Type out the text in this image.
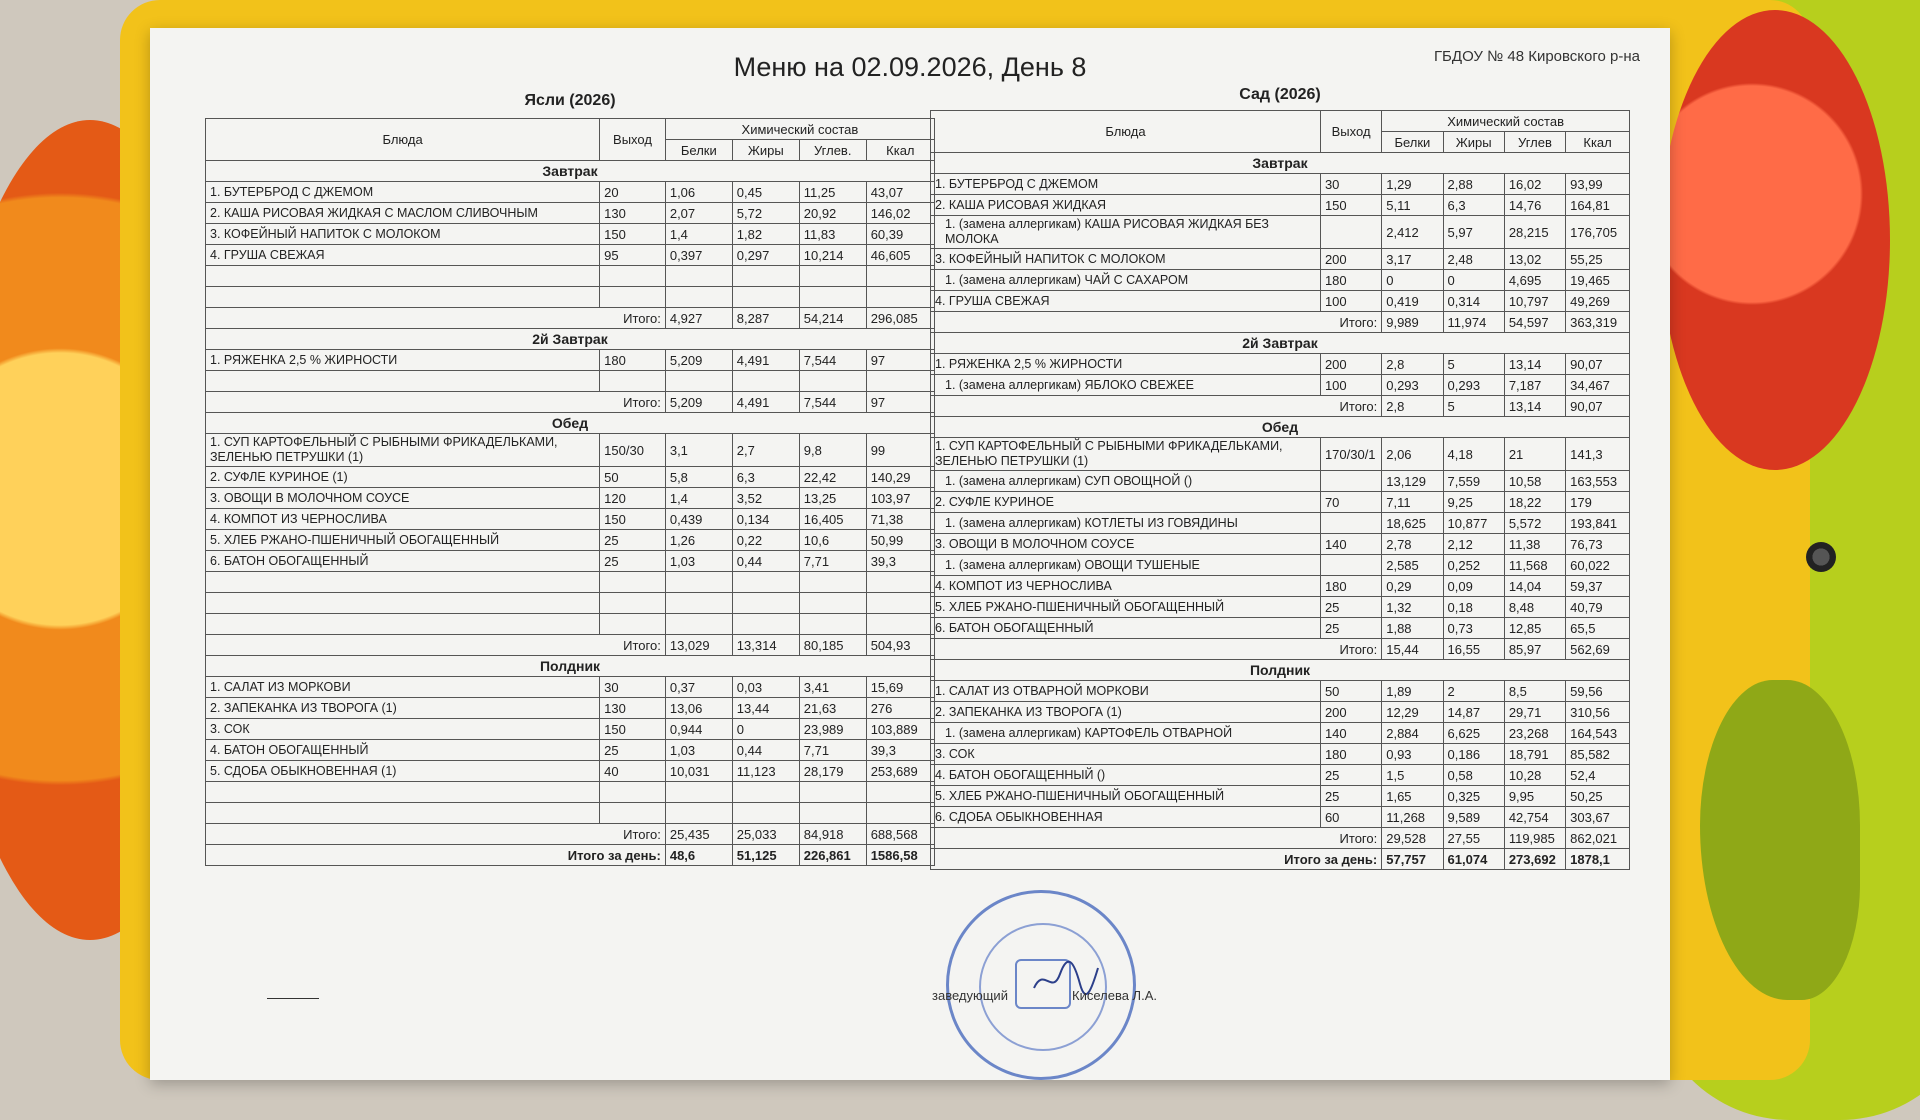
Меню на 02.09.2026, День 8	ГБДОУ № 48 Кировского р-на
Ясли (2026)	Сад (2026)
Блюда	Выход	Химический состав			
		Белки	Жиры	Углев.	Ккал
Завтрак					
1. БУТЕРБРОД С ДЖЕМОМ	20	1,06	0,45	11,25	43,07
2. КАША РИСОВАЯ ЖИДКАЯ С МАСЛОМ СЛИВОЧНЫМ	130	2,07	5,72	20,92	146,02
3. КОФЕЙНЫЙ НАПИТОК С МОЛОКОМ	150	1,4	1,82	11,83	60,39
4. ГРУША СВЕЖАЯ	95	0,397	0,297	10,214	46,605

Итого:		4,927	8,287	54,214	296,085
2й Завтрак					
1. РЯЖЕНКА 2,5 % ЖИРНОСТИ	180	5,209	4,491	7,544	97

Итого:		5,209	4,491	7,544	97
Обед					
1. СУП КАРТОФЕЛЬНЫЙ С РЫБНЫМИ ФРИКАДЕЛЬКАМИ, ЗЕЛЕНЬЮ ПЕТРУШКИ (1)	150/30	3,1	2,7	9,8	99
2. СУФЛЕ КУРИНОЕ (1)	50	5,8	6,3	22,42	140,29
3. ОВОЩИ В МОЛОЧНОМ СОУСЕ	120	1,4	3,52	13,25	103,97
4. КОМПОТ ИЗ ЧЕРНОСЛИВА	150	0,439	0,134	16,405	71,38
5. ХЛЕБ РЖАНО-ПШЕНИЧНЫЙ ОБОГАЩЕННЫЙ	25	1,26	0,22	10,6	50,99
6. БАТОН ОБОГАЩЕННЫЙ	25	1,03	0,44	7,71	39,3

Итого:		13,029	13,314	80,185	504,93
Полдник					
1. САЛАТ ИЗ МОРКОВИ	30	0,37	0,03	3,41	15,69
2. ЗАПЕКАНКА ИЗ ТВОРОГА (1)	130	13,06	13,44	21,63	276
3. СОК	150	0,944	0	23,989	103,889
4. БАТОН ОБОГАЩЕННЫЙ	25	1,03	0,44	7,71	39,3
5. СДОБА ОБЫКНОВЕННАЯ (1)	40	10,031	11,123	28,179	253,689

Итого:		25,435	25,033	84,918	688,568
Итого за день:		48,6	51,125	226,861	1586,58
Блюда	Выход	Химический состав			
		Белки	Жиры	Углев	Ккал
Завтрак					
1. БУТЕРБРОД С ДЖЕМОМ	30	1,29	2,88	16,02	93,99
2. КАША РИСОВАЯ ЖИДКАЯ	150	5,11	6,3	14,76	164,81
1. (замена аллергикам) КАША РИСОВАЯ ЖИДКАЯ БЕЗ МОЛОКА		2,412	5,97	28,215	176,705
3. КОФЕЙНЫЙ НАПИТОК С МОЛОКОМ	200	3,17	2,48	13,02	55,25
1. (замена аллергикам) ЧАЙ С САХАРОМ	180	0	0	4,695	19,465
4. ГРУША СВЕЖАЯ	100	0,419	0,314	10,797	49,269
Итого:		9,989	11,974	54,597	363,319
2й Завтрак					
1. РЯЖЕНКА 2,5 % ЖИРНОСТИ	200	2,8	5	13,14	90,07
1. (замена аллергикам) ЯБЛОКО СВЕЖЕЕ	100	0,293	0,293	7,187	34,467
Итого:		2,8	5	13,14	90,07
Обед					
1. СУП КАРТОФЕЛЬНЫЙ С РЫБНЫМИ ФРИКАДЕЛЬКАМИ, ЗЕЛЕНЬЮ ПЕТРУШКИ (1)	170/30/1	2,06	4,18	21	141,3
1. (замена аллергикам) СУП ОВОЩНОЙ ()		13,129	7,559	10,58	163,553
2. СУФЛЕ КУРИНОЕ	70	7,11	9,25	18,22	179
1. (замена аллергикам) КОТЛЕТЫ ИЗ ГОВЯДИНЫ		18,625	10,877	5,572	193,841
3. ОВОЩИ В МОЛОЧНОМ СОУСЕ	140	2,78	2,12	11,38	76,73
1. (замена аллергикам) ОВОЩИ ТУШЕНЫЕ		2,585	0,252	11,568	60,022
4. КОМПОТ ИЗ ЧЕРНОСЛИВА	180	0,29	0,09	14,04	59,37
5. ХЛЕБ РЖАНО-ПШЕНИЧНЫЙ ОБОГАЩЕННЫЙ	25	1,32	0,18	8,48	40,79
6. БАТОН ОБОГАЩЕННЫЙ	25	1,88	0,73	12,85	65,5
Итого:		15,44	16,55	85,97	562,69
Полдник					
1. САЛАТ ИЗ ОТВАРНОЙ МОРКОВИ	50	1,89	2	8,5	59,56
2. ЗАПЕКАНКА ИЗ ТВОРОГА (1)	200	12,29	14,87	29,71	310,56
1. (замена аллергикам) КАРТОФЕЛЬ ОТВАРНОЙ	140	2,884	6,625	23,268	164,543
3. СОК	180	0,93	0,186	18,791	85,582
4. БАТОН ОБОГАЩЕННЫЙ ()	25	1,5	0,58	10,28	52,4
5. ХЛЕБ РЖАНО-ПШЕНИЧНЫЙ ОБОГАЩЕННЫЙ	25	1,65	0,325	9,95	50,25
6. СДОБА ОБЫКНОВЕННАЯ	60	11,268	9,589	42,754	303,67
Итого:		29,528	27,55	119,985	862,021
Итого за день:		57,757	61,074	273,692	1878,1
заведующий	Киселева Л.А.
